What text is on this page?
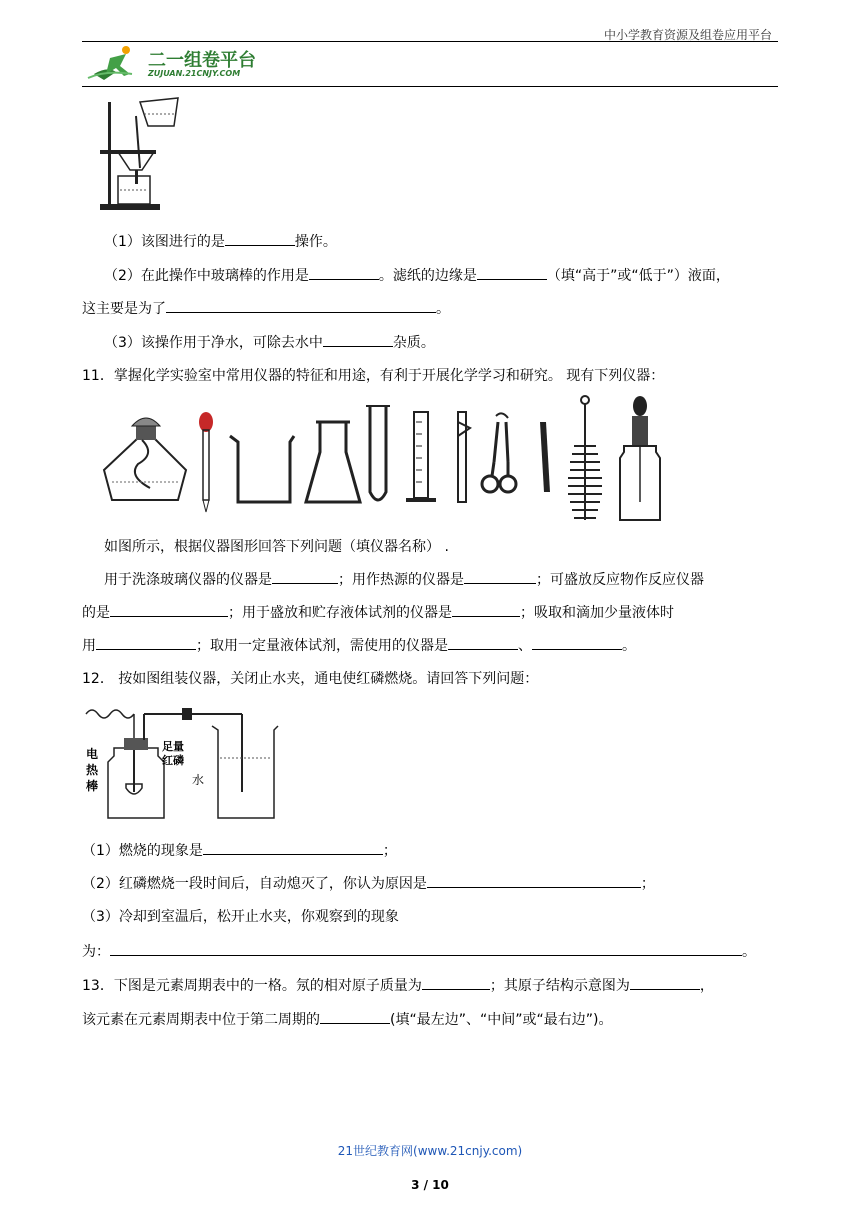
中小学教育资源及组卷应用平台
二一组卷平台
ZUJUAN.21CNJY.COM
（1）该图进行的是	操作。
（2）在此操作中玻璃棒的作用是	。滤纸的边缘是	（填“高于”或“低于”）液面，
这主要是为了	。
（3）该操作用于净水，可除去水中	杂质。
11．掌握化学实验室中常用仪器的特征和用途，有利于开展化学学习和研究。 现有下列仪器：
如图所示，根据仪器图形回答下列问题（填仪器名称） .
用于洗涤玻璃仪器的仪器是	；用作热源的仪器是	；可盛放反应物作反应仪器
的是	；用于盛放和贮存液体试剂的仪器是	；吸取和滴加少量液体时
用	；取用一定量液体试剂，需使用的仪器是	、	。
12． 按如图组装仪器，关闭止水夹，通电使红磷燃烧。请回答下列问题：
电
热
棒
足量
红磷
水
（1）燃烧的现象是	；
（2）红磷燃烧一段时间后，自动熄灭了，你认为原因是	；
（3）冷却到室温后，松开止水夹，你观察到的现象
为：	。
13．下图是元素周期表中的一格。氖的相对原子质量为	；其原子结构示意图为	，
该元素在元素周期表中位于第二周期的	(填“最左边”、“中间”或“最右边”)。
21世纪教育网(www.21cnjy.com)
3 / 10
